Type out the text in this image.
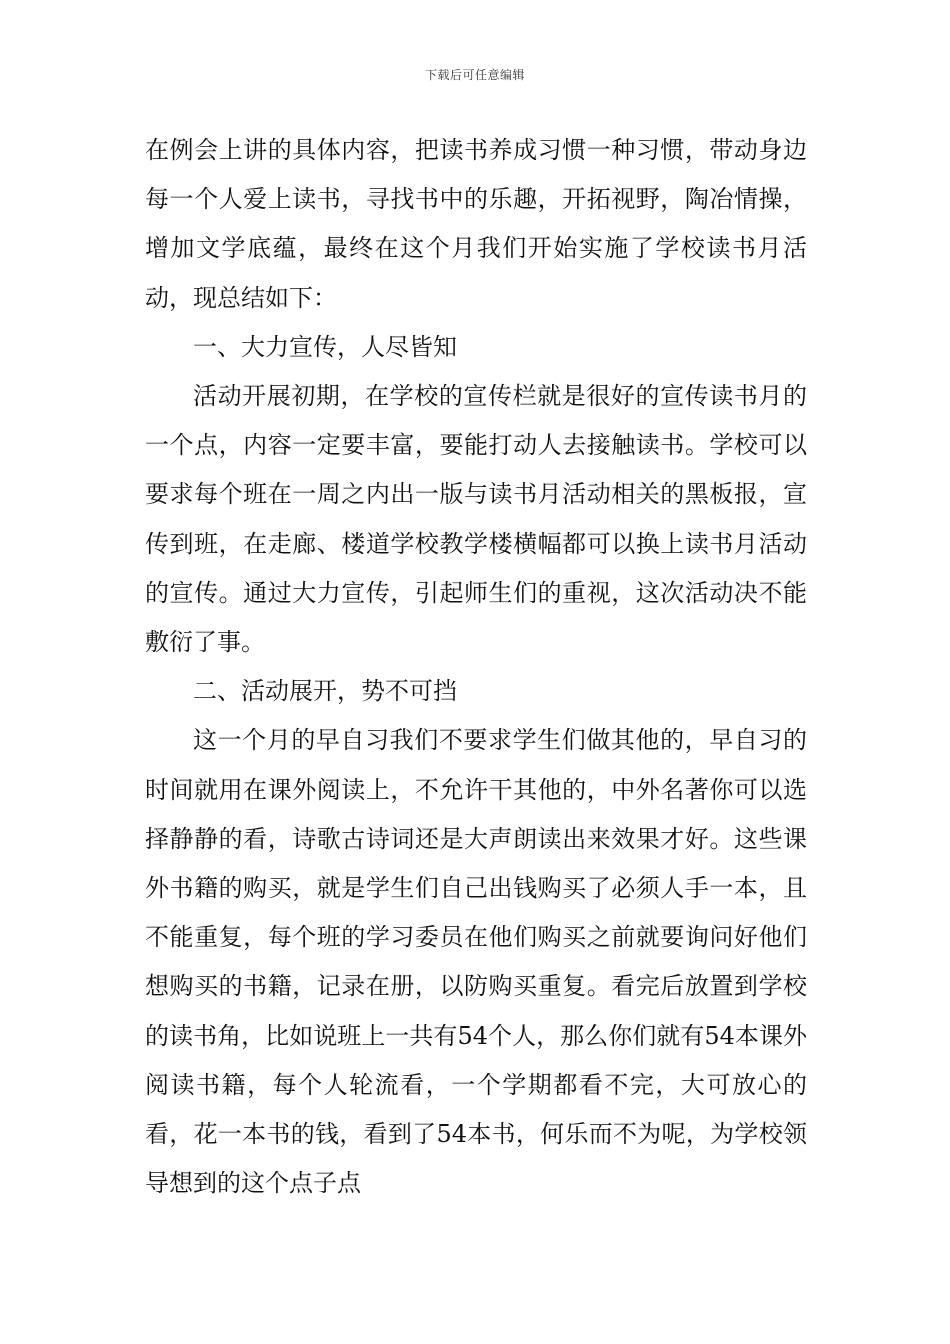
下载后可任意编辑

在例会上讲的具体内容，把读书养成习惯一种习惯，带动身边每一个人爱上读书，寻找书中的乐趣，开拓视野，陶冶情操，增加文学底蕴，最终在这个月我们开始实施了学校读书月活动，现总结如下：

一、大力宣传，人尽皆知

活动开展初期，在学校的宣传栏就是很好的宣传读书月的一个点，内容一定要丰富，要能打动人去接触读书。学校可以要求每个班在一周之内出一版与读书月活动相关的黑板报，宣传到班，在走廊、楼道学校教学楼横幅都可以换上读书月活动的宣传。通过大力宣传，引起师生们的重视，这次活动决不能敷衍了事。

二、活动展开，势不可挡

这一个月的早自习我们不要求学生们做其他的，早自习的时间就用在课外阅读上，不允许干其他的，中外名著你可以选择静静的看，诗歌古诗词还是大声朗读出来效果才好。这些课外书籍的购买，就是学生们自己出钱购买了必须人手一本，且不能重复，每个班的学习委员在他们购买之前就要询问好他们想购买的书籍，记录在册，以防购买重复。看完后放置到学校的读书角，比如说班上一共有54个人，那么你们就有54本课外阅读书籍，每个人轮流看，一个学期都看不完，大可放心的看，花一本书的钱，看到了54本书，何乐而不为呢，为学校领导想到的这个点子点
